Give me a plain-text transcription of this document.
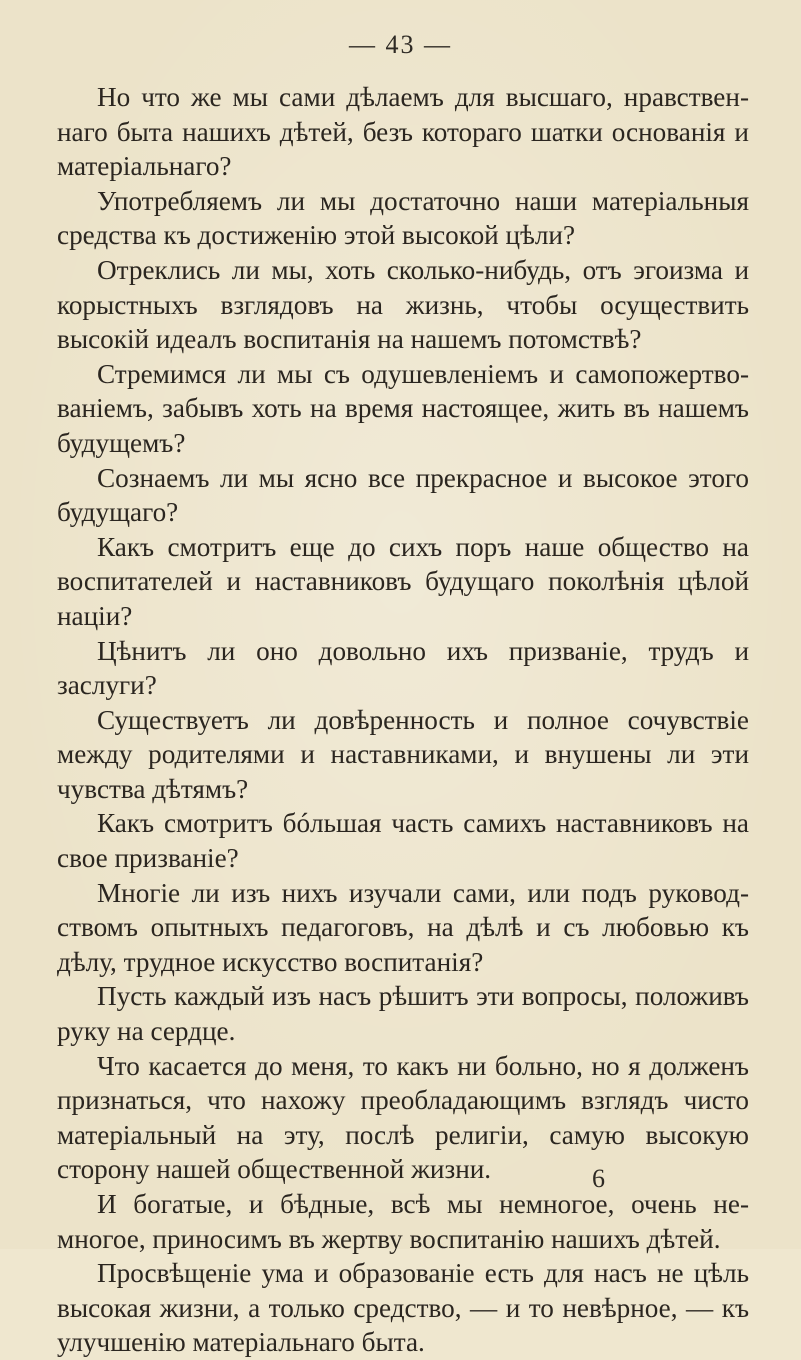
— 43 —

Но что же мы сами дѣлаемъ для высшаго, нравственнаго быта нашихъ дѣтей, безъ котораго шатки основанія и матеріальнаго?

Употребляемъ ли мы достаточно наши матеріальныя средства къ достиженію этой высокой цѣли?

Отреклись ли мы, хоть сколько-нибудь, отъ эгоизма и корыстныхъ взглядовъ на жизнь, чтобы осуществить высокій идеалъ воспитанія на нашемъ потомствѣ?

Стремимся ли мы съ одушевленіемъ и самопожертвованіемъ, забывъ хоть на время настоящее, жить въ нашемъ будущемъ?

Сознаемъ ли мы ясно все прекрасное и высокое этого будущаго?

Какъ смотритъ еще до сихъ поръ наше общество на воспитателей и наставниковъ будущаго поколѣнія цѣлой націи?

Цѣнитъ ли оно довольно ихъ призваніе, трудъ и заслуги?

Существуетъ ли довѣренность и полное сочувствіе между родителями и наставниками, и внушены ли эти чувства дѣтямъ?

Какъ смотритъ бóльшая часть самихъ наставниковъ на свое призваніе?

Многіе ли изъ нихъ изучали сами, или подъ руководствомъ опытныхъ педагоговъ, на дѣлѣ и съ любовью къ дѣлу, трудное искусство воспитанія?

Пусть каждый изъ насъ рѣшитъ эти вопросы, положивъ руку на сердце.

Что касается до меня, то какъ ни больно, но я долженъ признаться, что нахожу преобладающимъ взглядъ чисто матеріальный на эту, послѣ религіи, самую высокую сторону нашей общественной жизни.

И богатые, и бѣдные, всѣ мы немногое, очень немногое, приносимъ въ жертву воспитанію нашихъ дѣтей.

Просвѣщеніе ума и образованіе есть для насъ не цѣль высокая жизни, а только средство, — и то невѣрное, — къ улучшенію матеріальнаго быта.

6
